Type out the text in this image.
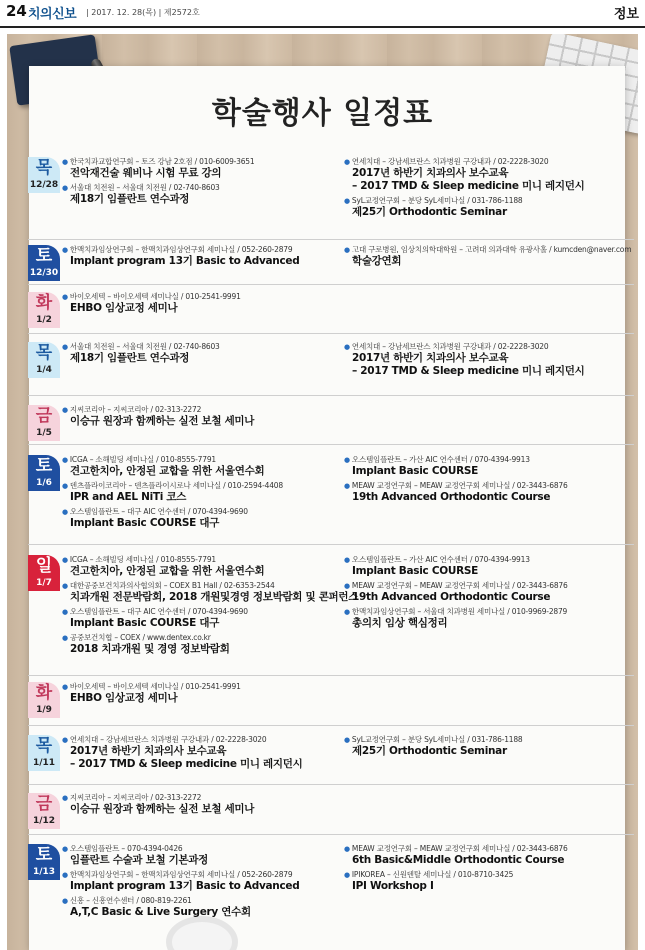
24 치의신보 | 2017. 12. 28(목) | 제2572호	정보
학술행사 일정표
목
12/28
● 한국치과교합연구회 – 토즈 강남 2호점 / 010-6009-3651
전악재건술 웨비나 시험 무료 강의
● 서울대 치전원 – 서울대 치전원 / 02-740-8603
제18기 임플란트 연수과정
● 연세치대 – 강남세브란스 치과병원 구강내과 / 02-2228-3020
2017년 하반기 치과의사 보수교육
– 2017 TMD & Sleep medicine 미니 레지던시
● SyL교정연구회 – 분당 SyL세미나실 / 031-786-1188
제25기 Orthodontic Seminar
토
12/30
● 한맥치과임상연구회 – 한맥치과임상연구회 세미나실 / 052-260-2879
Implant program 13기 Basic to Advanced
● 고대 구로병원, 임상치의학대학원 – 고려대 의과대학 유광사홀 / kumcden@naver.com
학술강연회
화
1/2
● 바이오세텍 – 바이오세텍 세미나실 / 010-2541-9991
EHBO 임상교정 세미나
목
1/4
● 서울대 치전원 – 서울대 치전원 / 02-740-8603
제18기 임플란트 연수과정
● 연세치대 – 강남세브란스 치과병원 구강내과 / 02-2228-3020
2017년 하반기 치과의사 보수교육
– 2017 TMD & Sleep medicine 미니 레지던시
금
1/5
● 지씨코리아 – 지씨코리아 / 02-313-2272
이승규 원장과 함께하는 실전 보철 세미나
토
1/6
● ICGA – 소해빌딩 세미나실 / 010-8555-7791
견고한치아, 안정된 교합을 위한 서울연수회
● 덴츠플라이코리아 – 덴츠플라이시로나 세미나실 / 010-2594-4408
IPR and AEL NiTi 코스
● 오스템임플란트 – 대구 AIC 연수센터 / 070-4394-9690
Implant Basic COURSE 대구
● 오스템임플란트 – 가산 AIC 연수센터 / 070-4394-9913
Implant Basic COURSE
● MEAW 교정연구회 – MEAW 교정연구회 세미나실 / 02-3443-6876
19th Advanced Orthodontic Course
일
1/7
● ICGA – 소해빌딩 세미나실 / 010-8555-7791
견고한치아, 안정된 교합을 위한 서울연수회
● 대한공중보건치과의사협의회 – COEX B1 Hall / 02-6353-2544
치과개원 전문박람회, 2018 개원및경영 정보박람회 및 콘퍼런스
● 오스템임플란트 – 대구 AIC 연수센터 / 070-4394-9690
Implant Basic COURSE 대구
● 공중보건치협 – COEX / www.dentex.co.kr
2018 치과개원 및 경영 정보박람회
● 오스템임플란트 – 가산 AIC 연수센터 / 070-4394-9913
Implant Basic COURSE
● MEAW 교정연구회 – MEAW 교정연구회 세미나실 / 02-3443-6876
19th Advanced Orthodontic Course
● 한맥치과임상연구회 – 서울대 치과병원 세미나실 / 010-9969-2879
총의치 임상 핵심정리
화
1/9
● 바이오세텍 – 바이오세텍 세미나실 / 010-2541-9991
EHBO 임상교정 세미나
목
1/11
● 연세치대 – 강남세브란스 치과병원 구강내과 / 02-2228-3020
2017년 하반기 치과의사 보수교육
– 2017 TMD & Sleep medicine 미니 레지던시
● SyL교정연구회 – 분당 SyL세미나실 / 031-786-1188
제25기 Orthodontic Seminar
금
1/12
● 지씨코리아 – 지씨코리아 / 02-313-2272
이승규 원장과 함께하는 실전 보철 세미나
토
1/13
● 오스템임플란트 – 070-4394-0426
임플란트 수술과 보철 기본과정
● 한맥치과임상연구회 – 한맥치과임상연구회 세미나실 / 052-260-2879
Implant program 13기 Basic to Advanced
● 신흥 – 신흥연수센터 / 080-819-2261
A,T,C Basic & Live Surgery 연수회
● MEAW 교정연구회 – MEAW 교정연구회 세미나실 / 02-3443-6876
6th Basic&Middle Orthodontic Course
● IPIKOREA – 신원덴탈 세미나실 / 010-8710-3425
IPI Workshop Ⅰ
